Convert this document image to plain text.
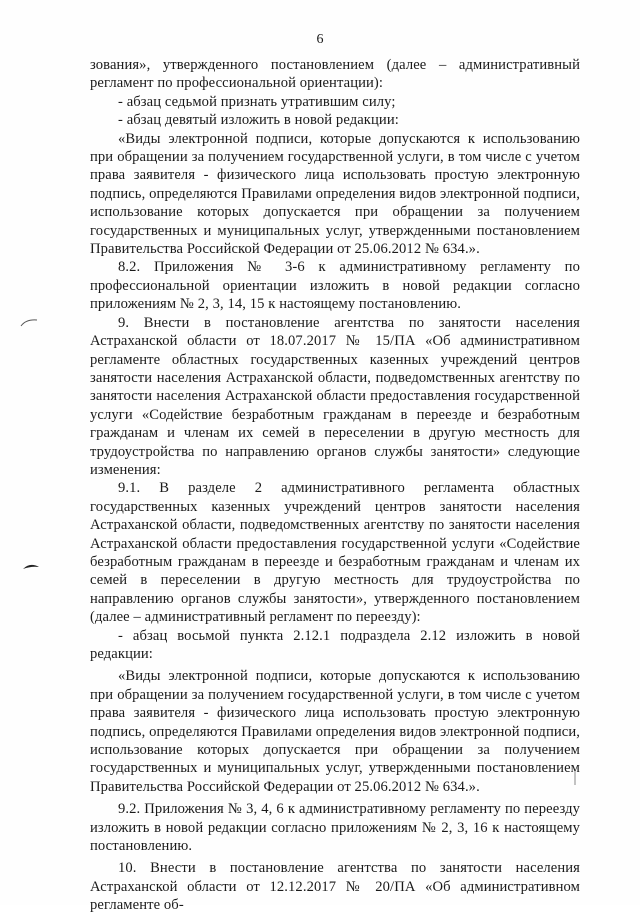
6

зования», утвержденного постановлением (далее – административный регламент по профессиональной ориентации):

- абзац седьмой признать утратившим силу;

- абзац девятый изложить в новой редакции:

«Виды электронной подписи, которые допускаются к использованию при обращении за получением государственной услуги, в том числе с учетом права заявителя - физического лица использовать простую электронную подпись, определяются Правилами определения видов электронной подписи, использование которых допускается при обращении за получением государственных и муниципальных услуг, утвержденными постановлением Правительства Российской Федерации от 25.06.2012 № 634.».

8.2. Приложения № 3-6 к административному регламенту по профессиональной ориентации изложить в новой редакции согласно приложениям № 2, 3, 14, 15 к настоящему постановлению.

9. Внести в постановление агентства по занятости населения Астраханской области от 18.07.2017 № 15/ПА «Об административном регламенте областных государственных казенных учреждений центров занятости населения Астраханской области, подведомственных агентству по занятости населения Астраханской области предоставления государственной услуги «Содействие безработным гражданам в переезде и безработным гражданам и членам их семей в переселении в другую местность для трудоустройства по направлению органов службы занятости» следующие изменения:

9.1. В разделе 2 административного регламента областных государственных казенных учреждений центров занятости населения Астраханской области, подведомственных агентству по занятости населения Астраханской области предоставления государственной услуги «Содействие безработным гражданам в переезде и безработным гражданам и членам их семей в переселении в другую местность для трудоустройства по направлению органов службы занятости», утвержденного постановлением (далее – административный регламент по переезду):

- абзац восьмой пункта 2.12.1 подраздела 2.12 изложить в новой редакции:

«Виды электронной подписи, которые допускаются к использованию при обращении за получением государственной услуги, в том числе с учетом права заявителя - физического лица использовать простую электронную подпись, определяются Правилами определения видов электронной подписи, использование которых допускается при обращении за получением государственных и муниципальных услуг, утвержденными постановлением Правительства Российской Федерации от 25.06.2012 № 634.».

9.2. Приложения № 3, 4, 6 к административному регламенту по переезду изложить в новой редакции согласно приложениям № 2, 3, 16 к настоящему постановлению.

10. Внести в постановление агентства по занятости населения Астраханской области от 12.12.2017 № 20/ПА «Об административном регламенте об-
